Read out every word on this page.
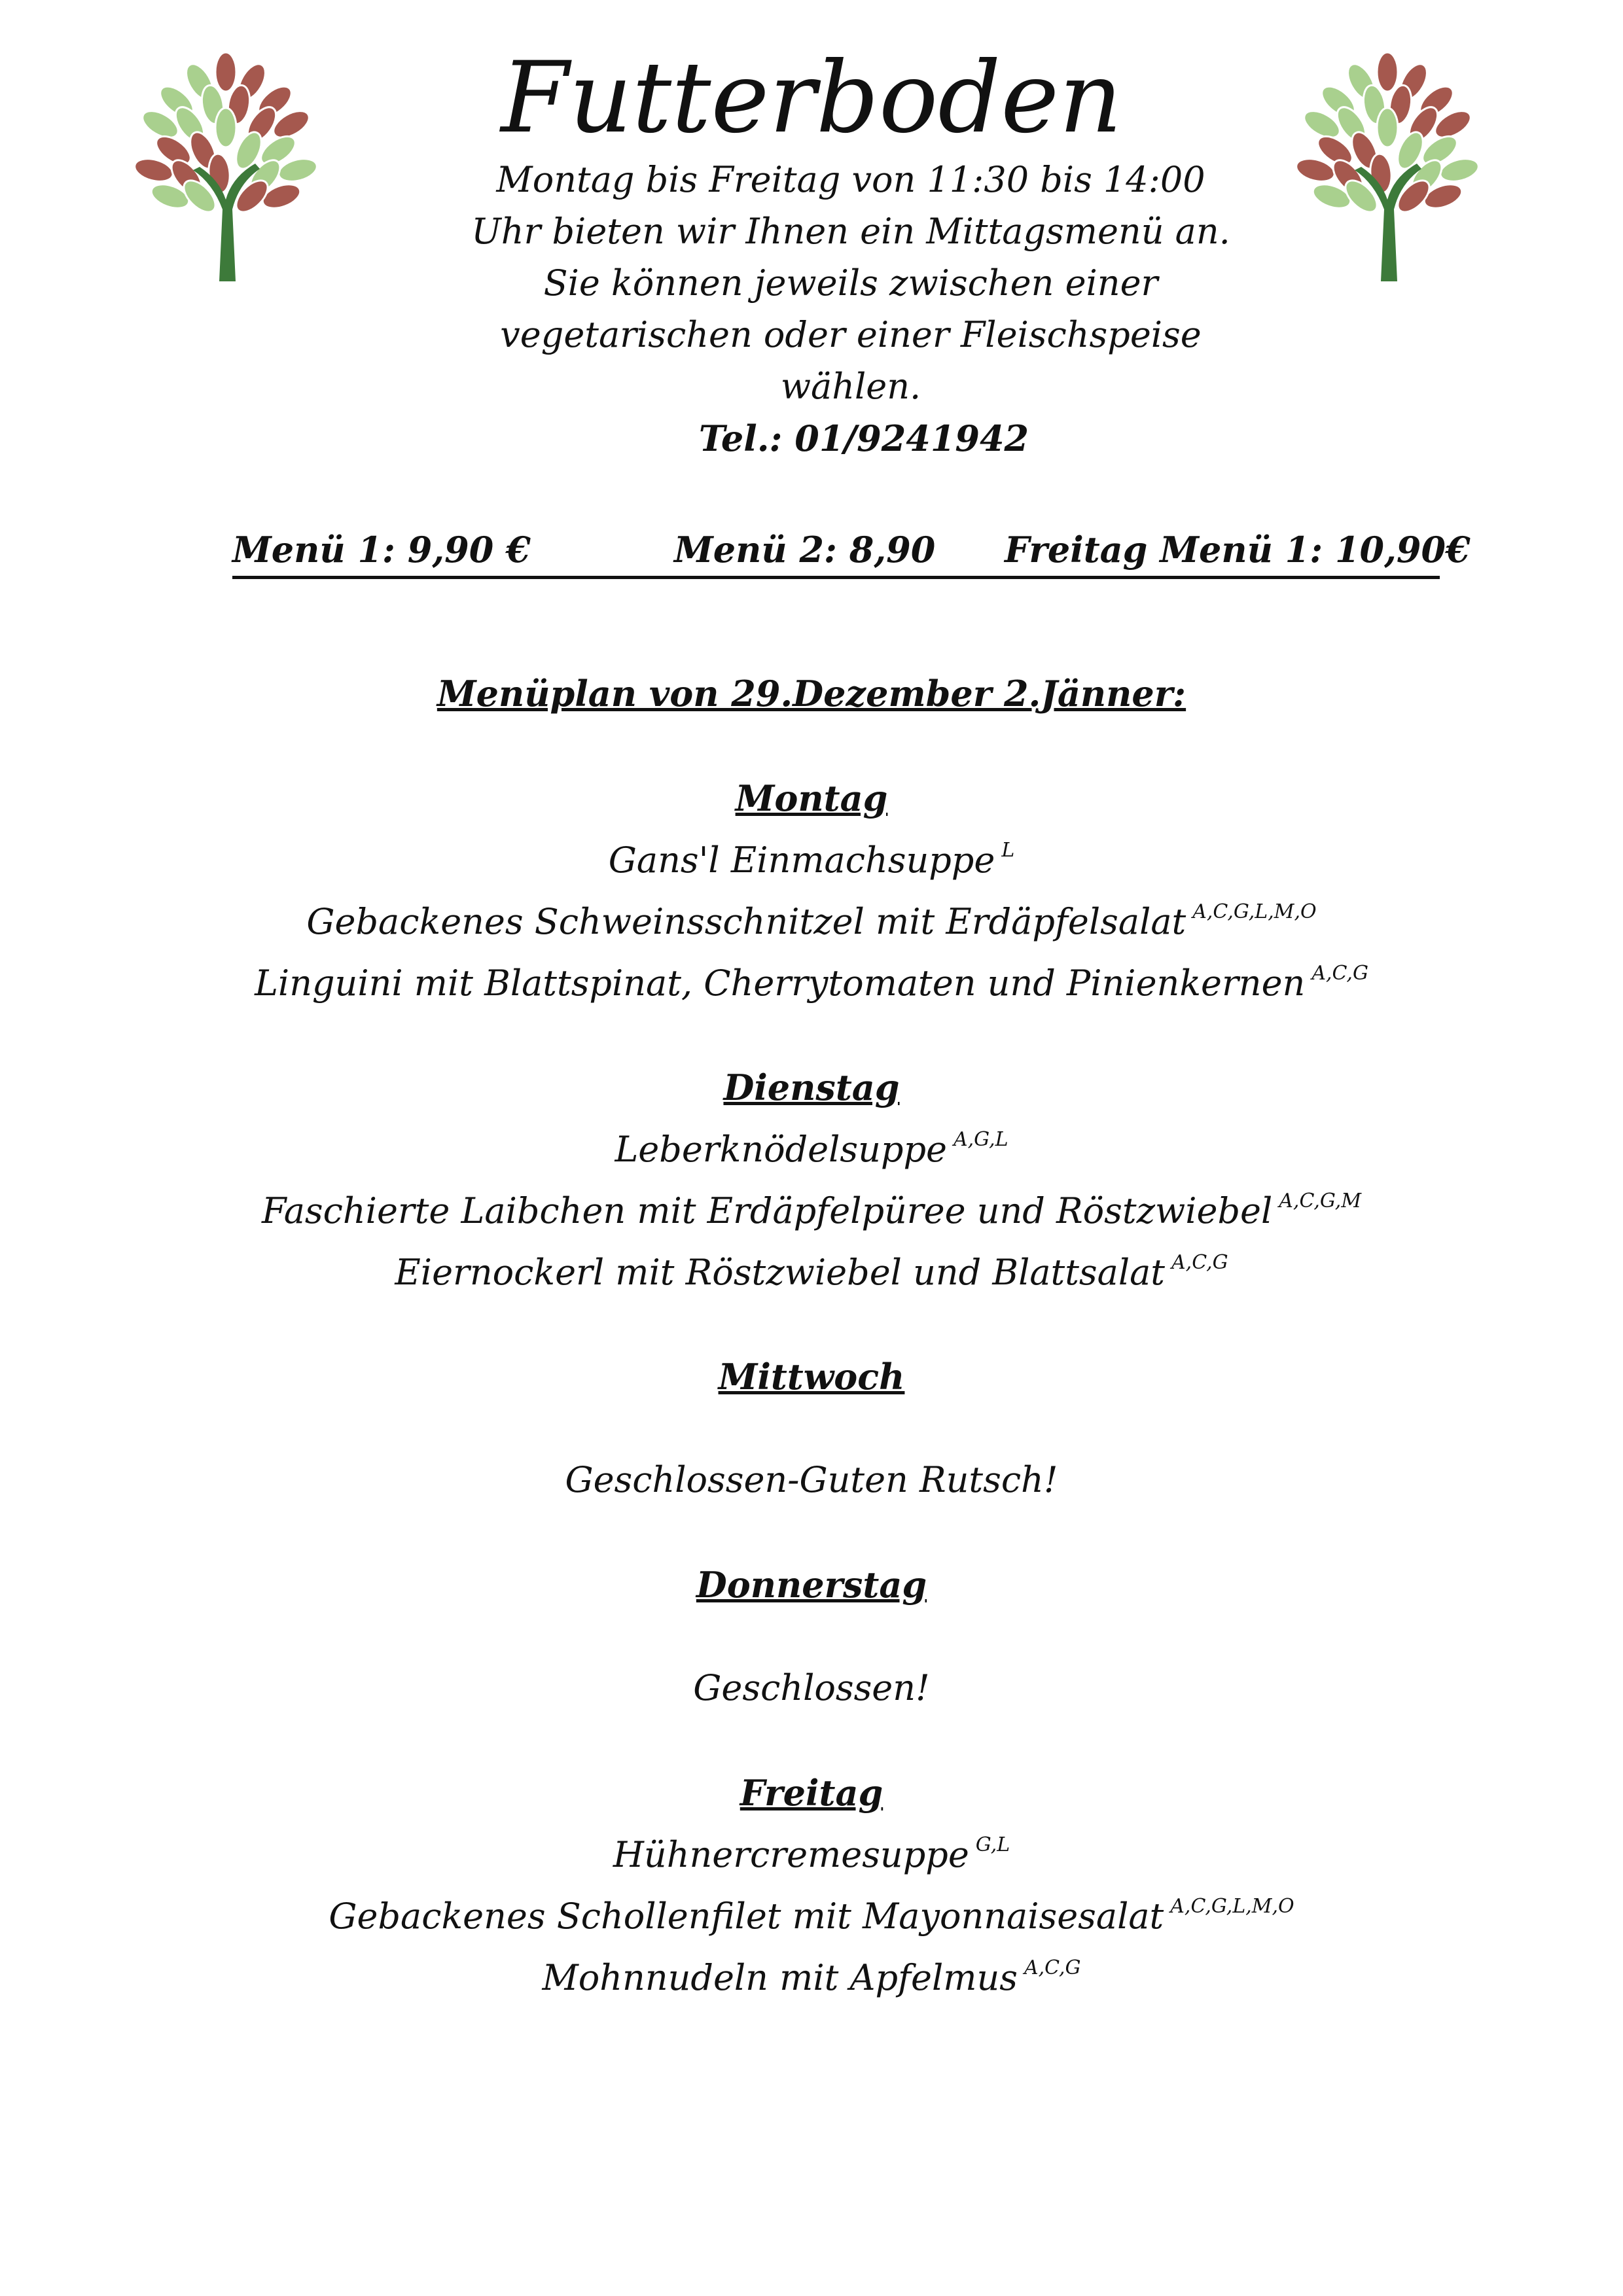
Futterboden
Montag bis Freitag von 11:30 bis 14:00
Uhr bieten wir Ihnen ein Mittagsmenü an.
Sie können jeweils zwischen einer
vegetarischen oder einer Fleischspeise
wählen.
Tel.: 01/9241942
Menü 1: 9,90 €	Menü 2: 8,90 Freitag Menü 1: 10,90€
Menüplan von 29.Dezember 2.Jänner:
Montag
Gans'l Einmachsuppe $^L$
Gebackenes Schweinsschnitzel mit Erdäpfelsalat $^{A,C,G,L,M,O}$
Linguini mit Blattspinat, Cherrytomaten und Pinienkernen $^{A,C,G}$
Dienstag
Leberknödelsuppe $^{A,G,L}$
Faschierte Laibchen mit Erdäpfelpüree und Röstzwiebel $^{A,C,G,M}$
Eiernockerl mit Röstzwiebel und Blattsalat $^{A,C,G}$
Mittwoch
Geschlossen-Guten Rutsch!
Donnerstag
Geschlossen!
Freitag
Hühnercremesuppe $^{G,L}$
Gebackenes Schollenfilet mit Mayonnaisesalat $^{A,C,G,L,M,O}$
Mohnnudeln mit Apfelmus $^{A,C,G}$
